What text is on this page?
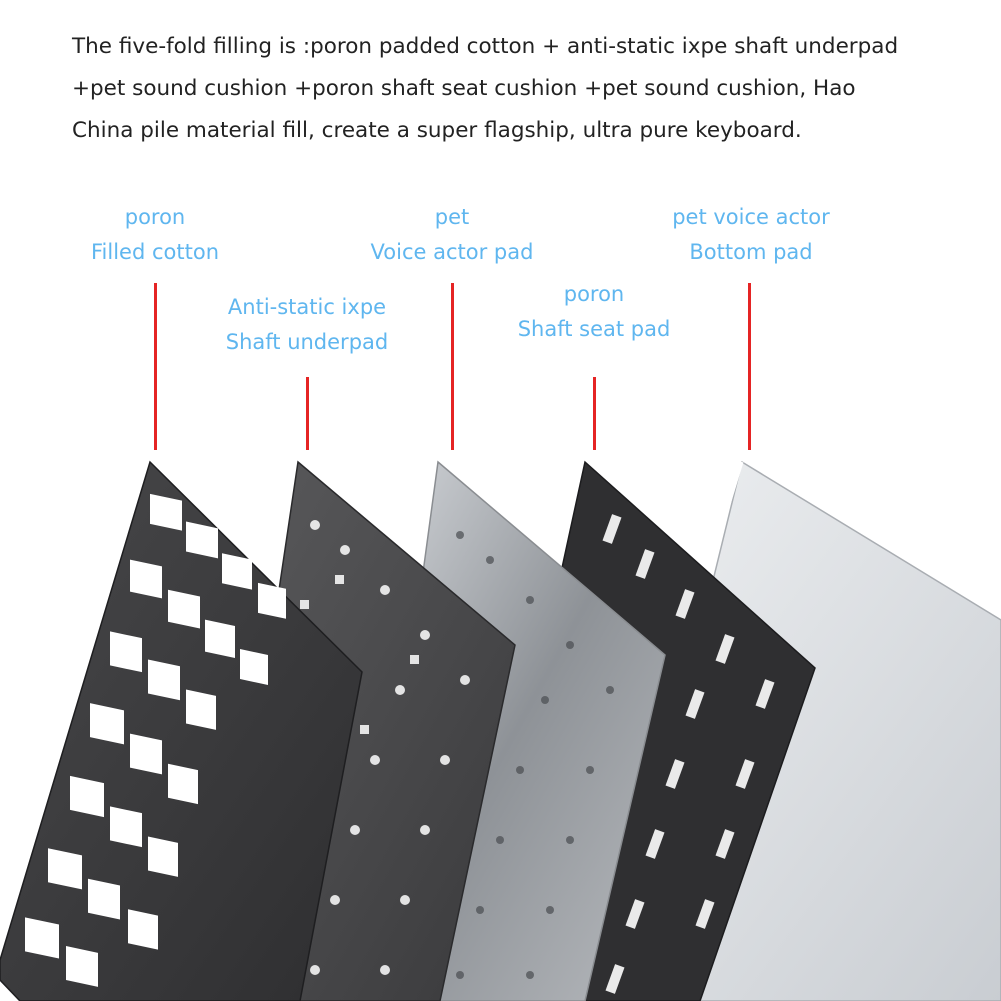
The five-fold filling is :poron padded cotton + anti-static ixpe shaft underpad
+pet sound cushion +poron shaft seat cushion +pet sound cushion, Hao
China pile material fill, create a super flagship, ultra pure keyboard.
poron
Filled cotton
Anti-static ixpe
Shaft underpad
pet
Voice actor pad
poron
Shaft seat pad
pet voice actor
Bottom pad
